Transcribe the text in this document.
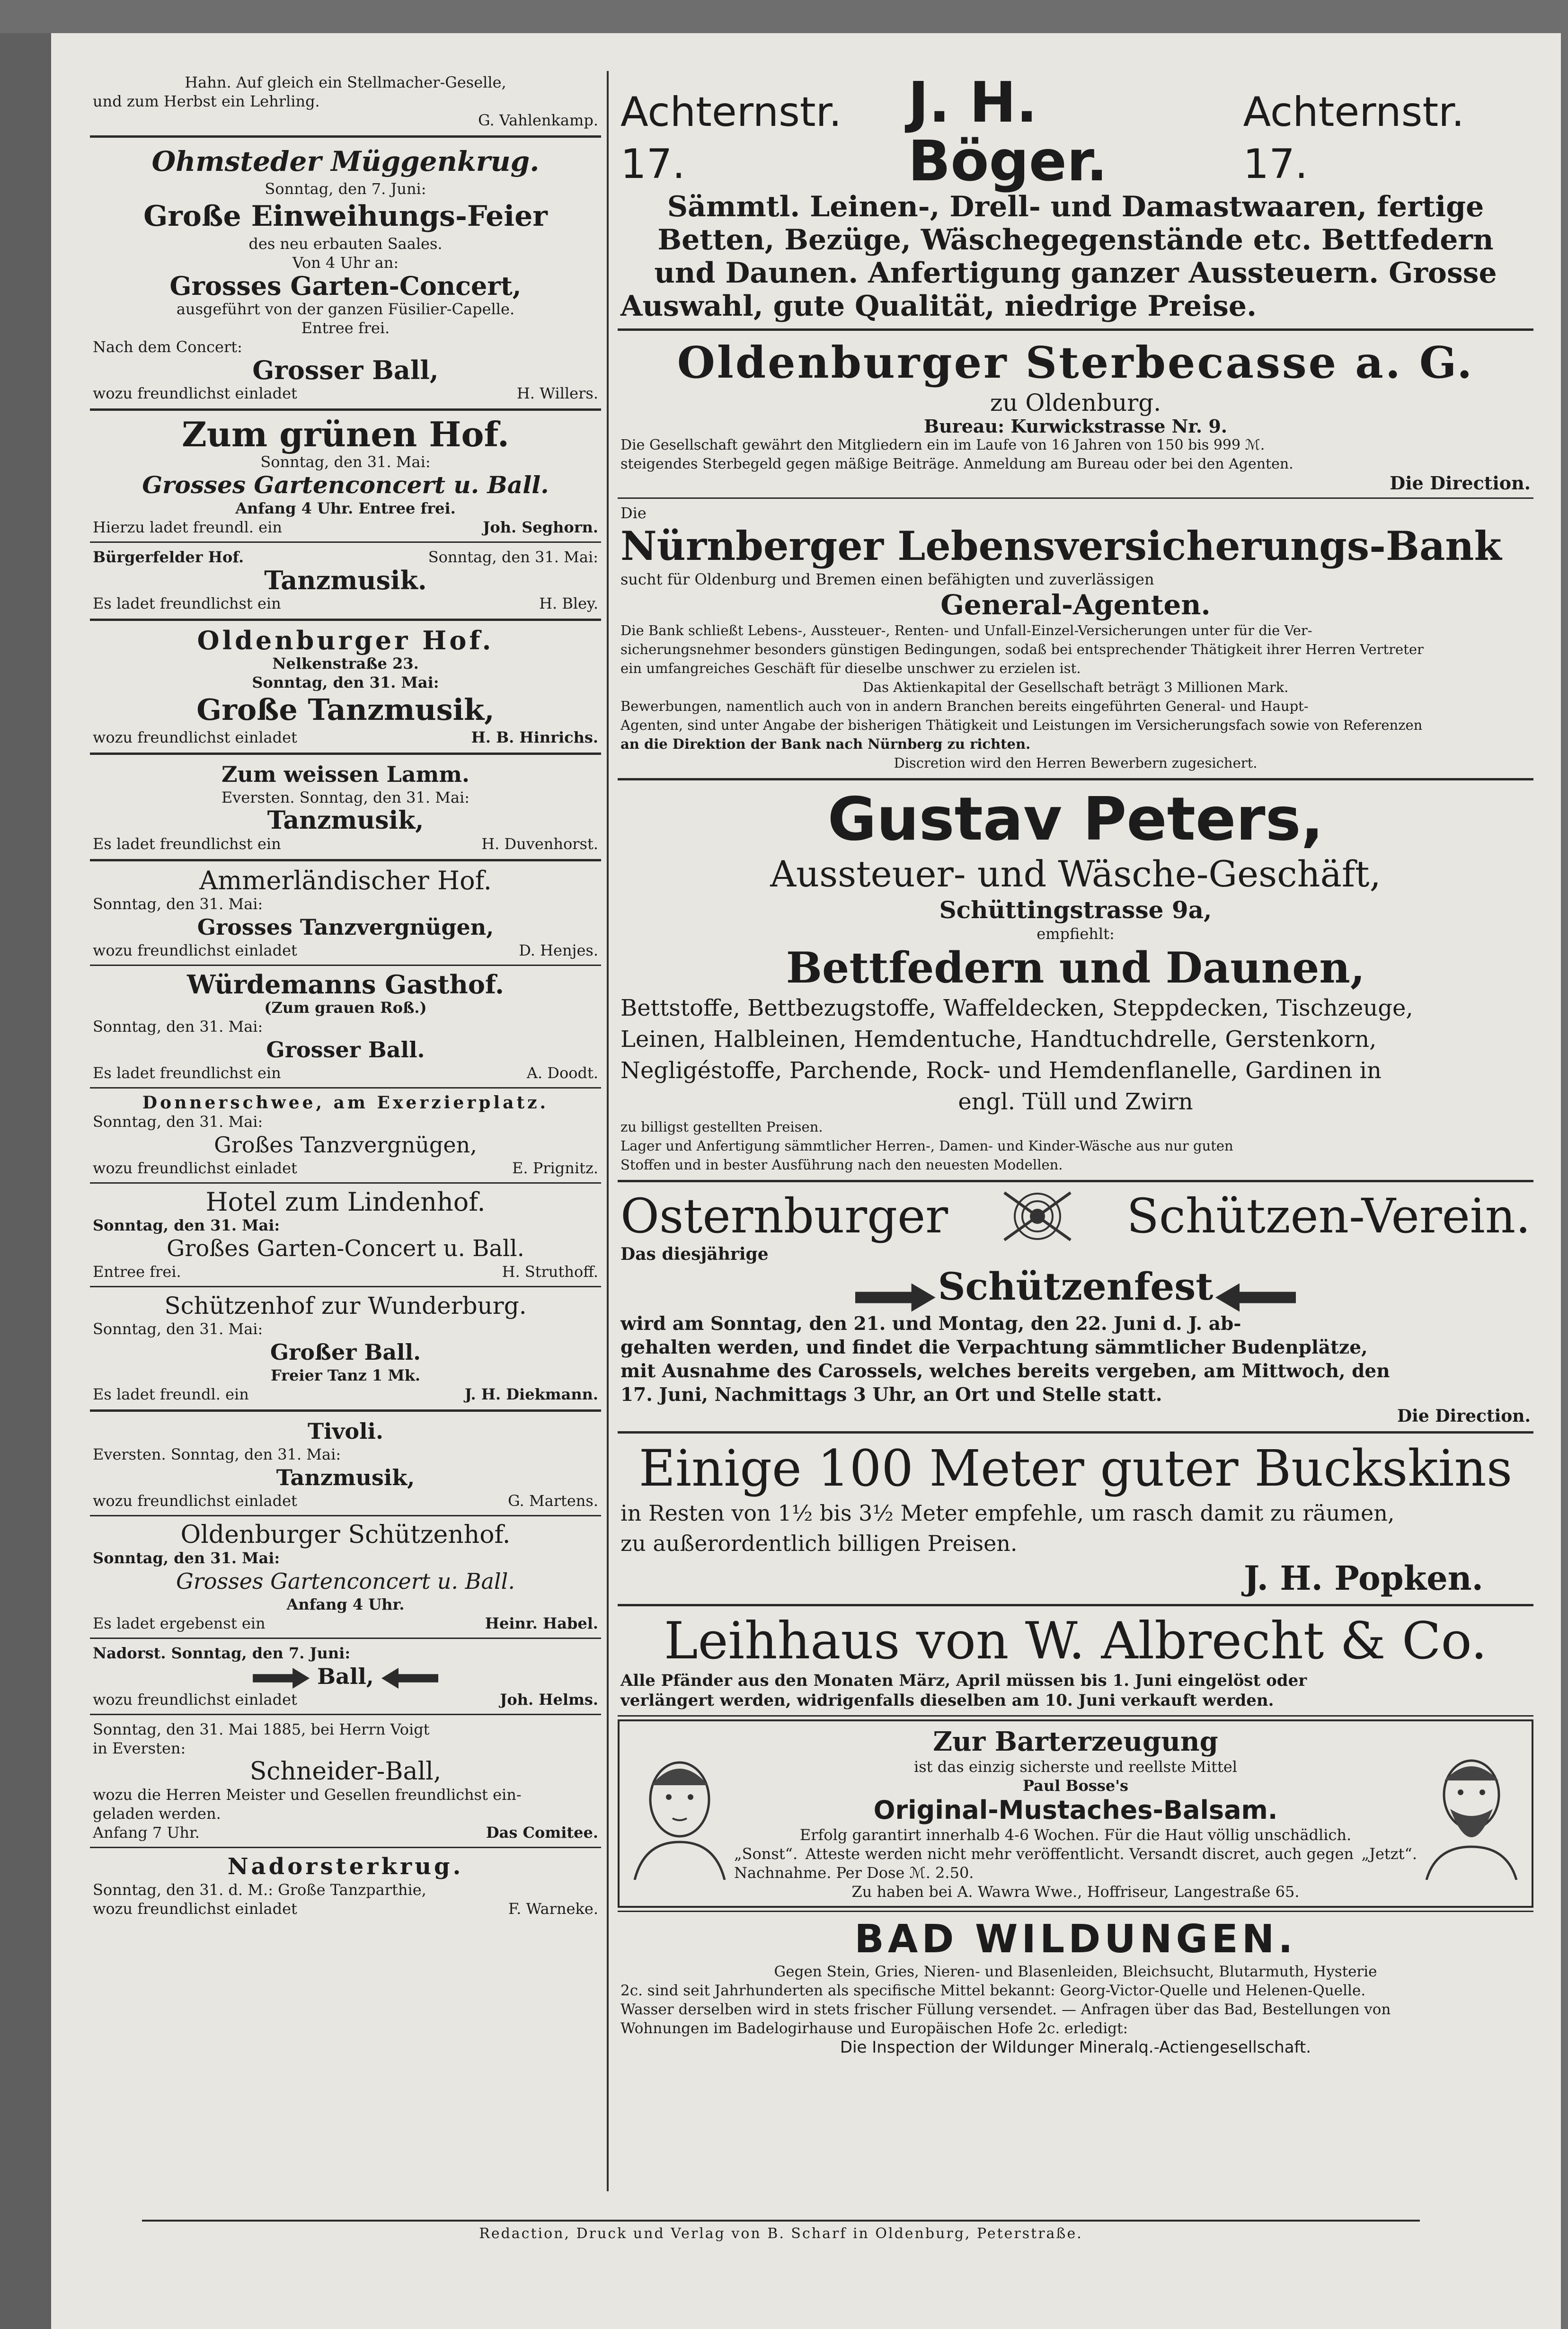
Hahn. Auf gleich ein Stellmacher-Geselle,
und zum Herbst ein Lehrling.
G. Vahlenkamp.
Ohmsteder Müggenkrug.
Sonntag, den 7. Juni:
Große Einweihungs-Feier
des neu erbauten Saales.
Von 4 Uhr an:
Grosses Garten-Concert,
ausgeführt von der ganzen Füsilier-Capelle.
Entree frei.
Nach dem Concert:
Grosser Ball,
wozu freundlichst einladet	H. Willers.
Zum grünen Hof.
Sonntag, den 31. Mai:
Grosses Gartenconcert u. Ball.
Anfang 4 Uhr. Entree frei.
Hierzu ladet freundl. ein	Joh. Seghorn.
Bürgerfelder Hof.	Sonntag, den 31. Mai:
Tanzmusik.
Es ladet freundlichst ein	H. Bley.
Oldenburger Hof.
Nelkenstraße 23.
Sonntag, den 31. Mai:
Große Tanzmusik,
wozu freundlichst einladet	H. B. Hinrichs.
Zum weissen Lamm.
Eversten. Sonntag, den 31. Mai:
Tanzmusik,
Es ladet freundlichst ein	H. Duvenhorst.
Ammerländischer Hof.
Sonntag, den 31. Mai:
Grosses Tanzvergnügen,
wozu freundlichst einladet	D. Henjes.
Würdemanns Gasthof.
(Zum grauen Roß.)
Sonntag, den 31. Mai:
Grosser Ball.
Es ladet freundlichst ein	A. Doodt.
Donnerschwee, am Exerzierplatz.
Sonntag, den 31. Mai:
Großes Tanzvergnügen,
wozu freundlichst einladet	E. Prignitz.
Hotel zum Lindenhof.
Sonntag, den 31. Mai:
Großes Garten-Concert u. Ball.
Entree frei.	H. Struthoff.
Schützenhof zur Wunderburg.
Sonntag, den 31. Mai:
Großer Ball.
Freier Tanz 1 Mk.
Es ladet freundl. ein	J. H. Diekmann.
Tivoli.
Eversten. Sonntag, den 31. Mai:
Tanzmusik,
wozu freundlichst einladet	G. Martens.
Oldenburger Schützenhof.
Sonntag, den 31. Mai:
Grosses Gartenconcert u. Ball.
Anfang 4 Uhr.
Es ladet ergebenst ein	Heinr. Habel.
Nadorst. Sonntag, den 7. Juni:
Ball,
wozu freundlichst einladet	Joh. Helms.
Sonntag, den 31. Mai 1885, bei Herrn Voigt
in Eversten:
Schneider-Ball,
wozu die Herren Meister und Gesellen freundlichst ein-
geladen werden.
Anfang 7 Uhr.	Das Comitee.
Nadorsterkrug.
Sonntag, den 31. d. M.: Große Tanzparthie,
wozu freundlichst einladet	F. Warneke.
Achternstr. 17.
J. H. Böger.
Achternstr. 17.
Sämmtl. Leinen-, Drell- und Damastwaaren, fertige
Betten, Bezüge, Wäschegegenstände etc. Bettfedern
und Daunen. Anfertigung ganzer Aussteuern. Grosse
Auswahl, gute Qualität, niedrige Preise.
Oldenburger Sterbecasse a. G.
zu Oldenburg.
Bureau: Kurwickstrasse Nr. 9.
Die Gesellschaft gewährt den Mitgliedern ein im Laufe von 16 Jahren von 150 bis 999 ℳ.
steigendes Sterbegeld gegen mäßige Beiträge. Anmeldung am Bureau oder bei den Agenten.
Die Direction.
Die
Nürnberger Lebensversicherungs-Bank
sucht für Oldenburg und Bremen einen befähigten und zuverlässigen
General-Agenten.
Die Bank schließt Lebens-, Aussteuer-, Renten- und Unfall-Einzel-Versicherungen unter für die Ver-
sicherungsnehmer besonders günstigen Bedingungen, sodaß bei entsprechender Thätigkeit ihrer Herren Vertreter
ein umfangreiches Geschäft für dieselbe unschwer zu erzielen ist.
Das Aktienkapital der Gesellschaft beträgt 3 Millionen Mark.
Bewerbungen, namentlich auch von in andern Branchen bereits eingeführten General- und Haupt-
Agenten, sind unter Angabe der bisherigen Thätigkeit und Leistungen im Versicherungsfach sowie von Referenzen
an die Direktion der Bank nach Nürnberg zu richten.
Discretion wird den Herren Bewerbern zugesichert.
Gustav Peters,
Aussteuer- und Wäsche-Geschäft,
Schüttingstrasse 9a,
empfiehlt:
Bettfedern und Daunen,
Bettstoffe, Bettbezugstoffe, Waffeldecken, Steppdecken, Tischzeuge,
Leinen, Halbleinen, Hemdentuche, Handtuchdrelle, Gerstenkorn,
Negligéstoffe, Parchende, Rock- und Hemdenflanelle, Gardinen in
engl. Tüll und Zwirn
zu billigst gestellten Preisen.
Lager und Anfertigung sämmtlicher Herren-, Damen- und Kinder-Wäsche aus nur guten
Stoffen und in bester Ausführung nach den neuesten Modellen.
Osternburger	Schützen-Verein.
Das diesjährige
Schützenfest
wird am Sonntag, den 21. und Montag, den 22. Juni d. J. ab-
gehalten werden, und findet die Verpachtung sämmtlicher Budenplätze,
mit Ausnahme des Carossels, welches bereits vergeben, am Mittwoch, den
17. Juni, Nachmittags 3 Uhr, an Ort und Stelle statt.
Die Direction.
Einige 100 Meter guter Buckskins
in Resten von 1½ bis 3½ Meter empfehle, um rasch damit zu räumen,
zu außerordentlich billigen Preisen.
J. H. Popken.
Leihhaus von W. Albrecht & Co.
Alle Pfänder aus den Monaten März, April müssen bis 1. Juni eingelöst oder
verlängert werden, widrigenfalls dieselben am 10. Juni verkauft werden.
Zur Barterzeugung
ist das einzig sicherste und reellste Mittel
Paul Bosse's
Original-Mustaches-Balsam.
Erfolg garantirt innerhalb 4-6 Wochen. Für die Haut völlig unschädlich.
„Sonst“. Atteste werden nicht mehr veröffentlicht. Versandt discret, auch gegen „Jetzt“.
Nachnahme. Per Dose ℳ. 2.50.
Zu haben bei A. Wawra Wwe., Hoffriseur, Langestraße 65.
BAD WILDUNGEN.
Gegen Stein, Gries, Nieren- und Blasenleiden, Bleichsucht, Blutarmuth, Hysterie
2c. sind seit Jahrhunderten als specifische Mittel bekannt: Georg-Victor-Quelle und Helenen-Quelle.
Wasser derselben wird in stets frischer Füllung versendet. — Anfragen über das Bad, Bestellungen von
Wohnungen im Badelogirhause und Europäischen Hofe 2c. erledigt:
Die Inspection der Wildunger Mineralq.-Actiengesellschaft.
Redaction, Druck und Verlag von B. Scharf in Oldenburg, Peterstraße.
